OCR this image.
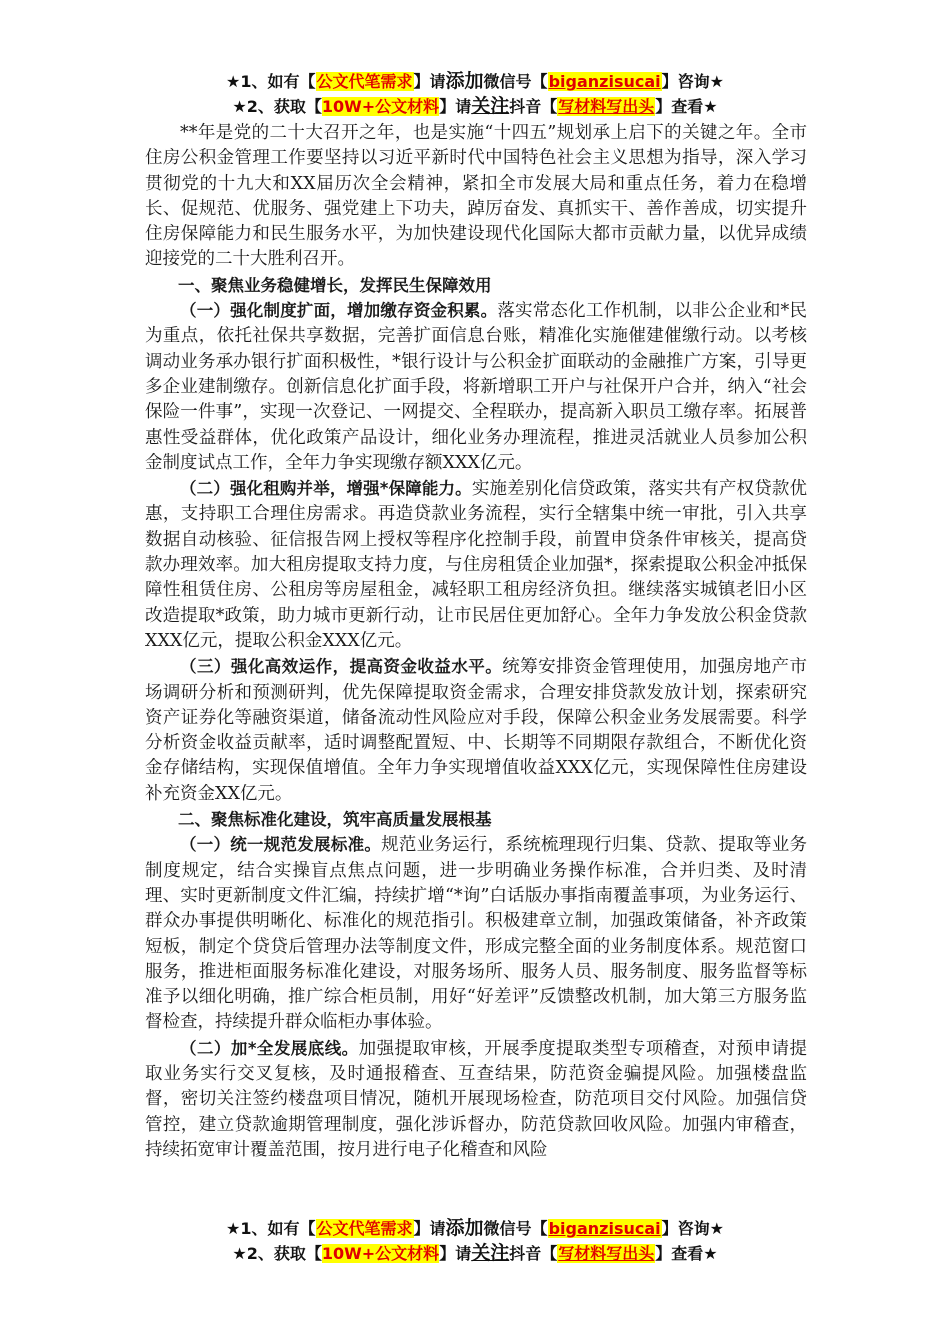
★1、如有【公文代笔需求】请添加微信号【biganzisucai】咨询★
★2、获取【10W+公文材料】请关注抖音【写材料写出头】查看★

**年是党的二十大召开之年，也是实施“十四五”规划承上启下的关键之年。全市住房公积金管理工作要坚持以习近平新时代中国特色社会主义思想为指导，深入学习贯彻党的十九大和XX届历次全会精神，紧扣全市发展大局和重点任务，着力在稳增长、促规范、优服务、强党建上下功夫，踔厉奋发、真抓实干、善作善成，切实提升住房保障能力和民生服务水平，为加快建设现代化国际大都市贡献力量，以优异成绩迎接党的二十大胜利召开。

一、聚焦业务稳健增长，发挥民生保障效用

（一）强化制度扩面，增加缴存资金积累。落实常态化工作机制，以非公企业和*民为重点，依托社保共享数据，完善扩面信息台账，精准化实施催建催缴行动。以考核调动业务承办银行扩面积极性，*银行设计与公积金扩面联动的金融推广方案，引导更多企业建制缴存。创新信息化扩面手段，将新增职工开户与社保开户合并，纳入“社会保险一件事”，实现一次登记、一网提交、全程联办，提高新入职员工缴存率。拓展普惠性受益群体，优化政策产品设计，细化业务办理流程，推进灵活就业人员参加公积金制度试点工作，全年力争实现缴存额XXX亿元。

（二）强化租购并举，增强*保障能力。实施差别化信贷政策，落实共有产权贷款优惠，支持职工合理住房需求。再造贷款业务流程，实行全辖集中统一审批，引入共享数据自动核验、征信报告网上授权等程序化控制手段，前置申贷条件审核关，提高贷款办理效率。加大租房提取支持力度，与住房租赁企业加强*，探索提取公积金冲抵保障性租赁住房、公租房等房屋租金，减轻职工租房经济负担。继续落实城镇老旧小区改造提取*政策，助力城市更新行动，让市民居住更加舒心。全年力争发放公积金贷款XXX亿元，提取公积金XXX亿元。

（三）强化高效运作，提高资金收益水平。统筹安排资金管理使用，加强房地产市场调研分析和预测研判，优先保障提取资金需求，合理安排贷款发放计划，探索研究资产证券化等融资渠道，储备流动性风险应对手段，保障公积金业务发展需要。科学分析资金收益贡献率，适时调整配置短、中、长期等不同期限存款组合，不断优化资金存储结构，实现保值增值。全年力争实现增值收益XXX亿元，实现保障性住房建设补充资金XX亿元。

二、聚焦标准化建设，筑牢高质量发展根基

（一）统一规范发展标准。规范业务运行，系统梳理现行归集、贷款、提取等业务制度规定，结合实操盲点焦点问题，进一步明确业务操作标准，合并归类、及时清理、实时更新制度文件汇编，持续扩增“*询”白话版办事指南覆盖事项，为业务运行、群众办事提供明晰化、标准化的规范指引。积极建章立制，加强政策储备，补齐政策短板，制定个贷贷后管理办法等制度文件，形成完整全面的业务制度体系。规范窗口服务，推进柜面服务标准化建设，对服务场所、服务人员、服务制度、服务监督等标准予以细化明确，推广综合柜员制，用好“好差评”反馈整改机制，加大第三方服务监督检查，持续提升群众临柜办事体验。

（二）加*全发展底线。加强提取审核，开展季度提取类型专项稽查，对预申请提取业务实行交叉复核，及时通报稽查、互查结果，防范资金骗提风险。加强楼盘监督，密切关注签约楼盘项目情况，随机开展现场检查，防范项目交付风险。加强信贷管控，建立贷款逾期管理制度，强化涉诉督办，防范贷款回收风险。加强内审稽查，持续拓宽审计覆盖范围，按月进行电子化稽查和风险

★1、如有【公文代笔需求】请添加微信号【biganzisucai】咨询★
★2、获取【10W+公文材料】请关注抖音【写材料写出头】查看★
